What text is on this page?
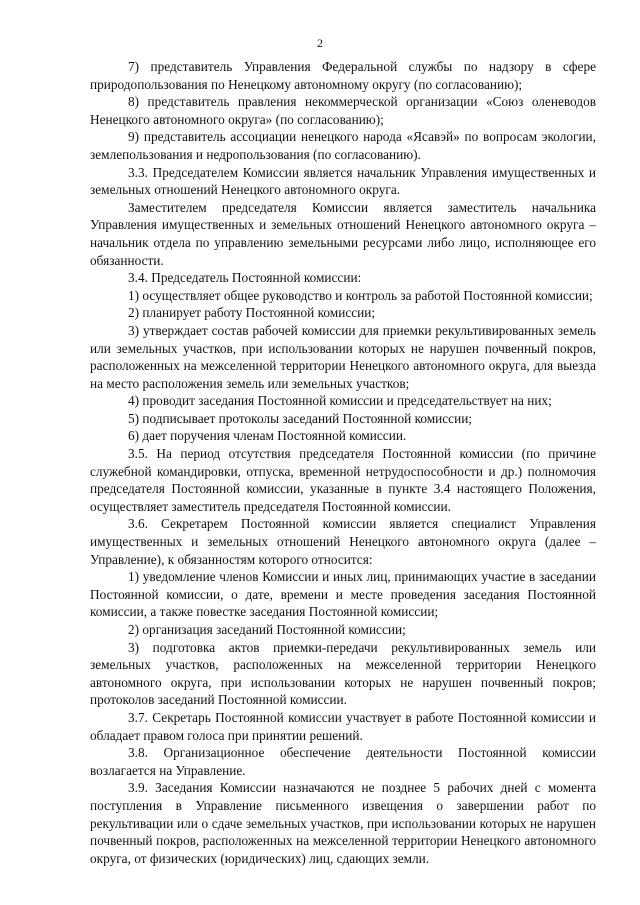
2

7) представитель Управления Федеральной службы по надзору в сфере природопользования по Ненецкому автономному округу (по согласованию);

8) представитель правления некоммерческой организации «Союз оленеводов Ненецкого автономного округа» (по согласованию);

9) представитель ассоциации ненецкого народа «Ясавэй» по вопросам экологии, землепользования и недропользования (по согласованию).

3.3. Председателем Комиссии является начальник Управления имущественных и земельных отношений Ненецкого автономного округа.

Заместителем председателя Комиссии является заместитель начальника Управления имущественных и земельных отношений Ненецкого автономного округа – начальник отдела по управлению земельными ресурсами либо лицо, исполняющее его обязанности.

3.4. Председатель Постоянной комиссии:

1) осуществляет общее руководство и контроль за работой Постоянной комиссии;

2) планирует работу Постоянной комиссии;

3) утверждает состав рабочей комиссии для приемки рекультивированных земель или земельных участков, при использовании которых не нарушен почвенный покров, расположенных на межселенной территории Ненецкого автономного округа, для выезда на место расположения земель или земельных участков;

4) проводит заседания Постоянной комиссии и председательствует на них;

5) подписывает протоколы заседаний Постоянной комиссии;

6) дает поручения членам Постоянной комиссии.

3.5. На период отсутствия председателя Постоянной комиссии (по причине служебной командировки, отпуска, временной нетрудоспособности и др.) полномочия председателя Постоянной комиссии, указанные в пункте 3.4 настоящего Положения, осуществляет заместитель председателя Постоянной комиссии.

3.6. Секретарем Постоянной комиссии является специалист Управления имущественных и земельных отношений Ненецкого автономного округа (далее – Управление), к обязанностям которого относится:

1) уведомление членов Комиссии и иных лиц, принимающих участие в заседании Постоянной комиссии, о дате, времени и месте проведения заседания Постоянной комиссии, а также повестке заседания Постоянной комиссии;

2) организация заседаний Постоянной комиссии;

3) подготовка актов приемки-передачи рекультивированных земель или земельных участков, расположенных на межселенной территории Ненецкого автономного округа, при использовании которых не нарушен почвенный покров; протоколов заседаний Постоянной комиссии.

3.7. Секретарь Постоянной комиссии участвует в работе Постоянной комиссии и обладает правом голоса при принятии решений.

3.8. Организационное обеспечение деятельности Постоянной комиссии возлагается на Управление.

3.9. Заседания Комиссии назначаются не позднее 5 рабочих дней с момента поступления в Управление письменного извещения о завершении работ по рекультивации или о сдаче земельных участков, при использовании которых не нарушен почвенный покров, расположенных на межселенной территории Ненецкого автономного округа, от физических (юридических) лиц, сдающих земли.
